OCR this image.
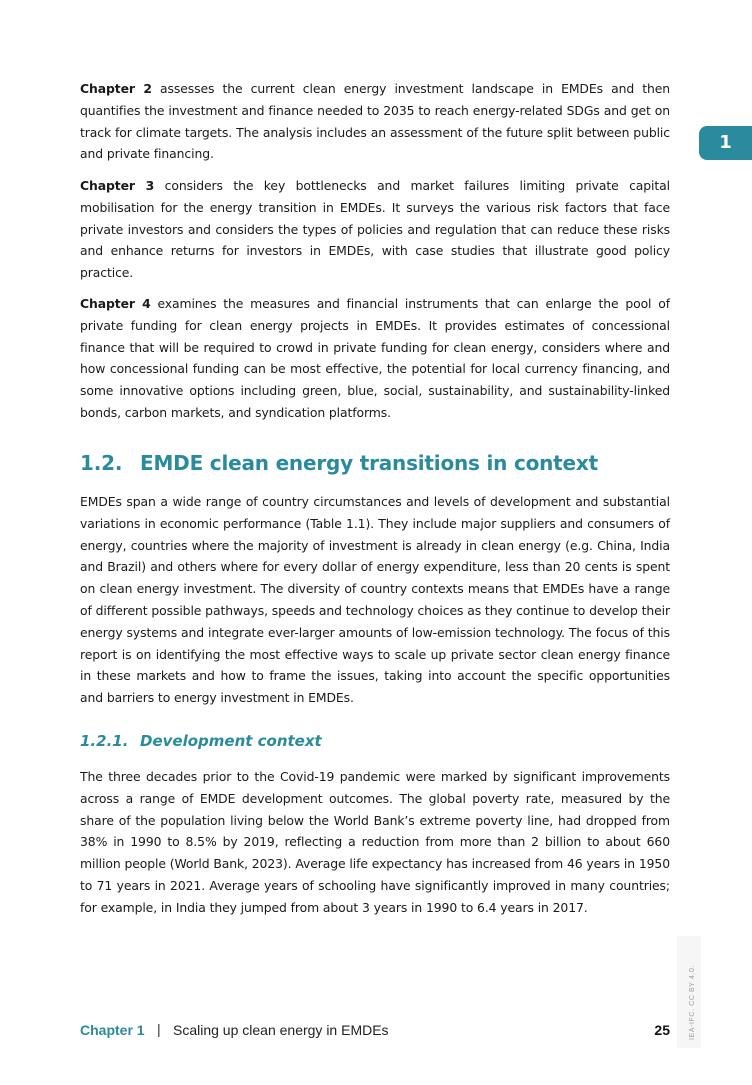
1

Chapter 2 assesses the current clean energy investment landscape in EMDEs and then quantifies the investment and finance needed to 2035 to reach energy-related SDGs and get on track for climate targets. The analysis includes an assessment of the future split between public and private financing.

Chapter 3 considers the key bottlenecks and market failures limiting private capital mobilisation for the energy transition in EMDEs. It surveys the various risk factors that face private investors and considers the types of policies and regulation that can reduce these risks and enhance returns for investors in EMDEs, with case studies that illustrate good policy practice.

Chapter 4 examines the measures and financial instruments that can enlarge the pool of private funding for clean energy projects in EMDEs. It provides estimates of concessional finance that will be required to crowd in private funding for clean energy, considers where and how concessional funding can be most effective, the potential for local currency financing, and some innovative options including green, blue, social, sustainability, and sustainability-linked bonds, carbon markets, and syndication platforms.

1.2. EMDE clean energy transitions in context

EMDEs span a wide range of country circumstances and levels of development and substantial variations in economic performance (Table 1.1). They include major suppliers and consumers of energy, countries where the majority of investment is already in clean energy (e.g. China, India and Brazil) and others where for every dollar of energy expenditure, less than 20 cents is spent on clean energy investment. The diversity of country contexts means that EMDEs have a range of different possible pathways, speeds and technology choices as they continue to develop their energy systems and integrate ever-larger amounts of low-emission technology. The focus of this report is on identifying the most effective ways to scale up private sector clean energy finance in these markets and how to frame the issues, taking into account the specific opportunities and barriers to energy investment in EMDEs.

1.2.1. Development context

The three decades prior to the Covid-19 pandemic were marked by significant improvements across a range of EMDE development outcomes. The global poverty rate, measured by the share of the population living below the World Bank’s extreme poverty line, had dropped from 38% in 1990 to 8.5% by 2019, reflecting a reduction from more than 2 billion to about 660 million people (World Bank, 2023). Average life expectancy has increased from 46 years in 1950 to 71 years in 2021. Average years of schooling have significantly improved in many countries; for example, in India they jumped from about 3 years in 1990 to 6.4 years in 2017.

IEA-IFC. CC BY 4.0.
Chapter 1 | Scaling up clean energy in EMDEs	25
